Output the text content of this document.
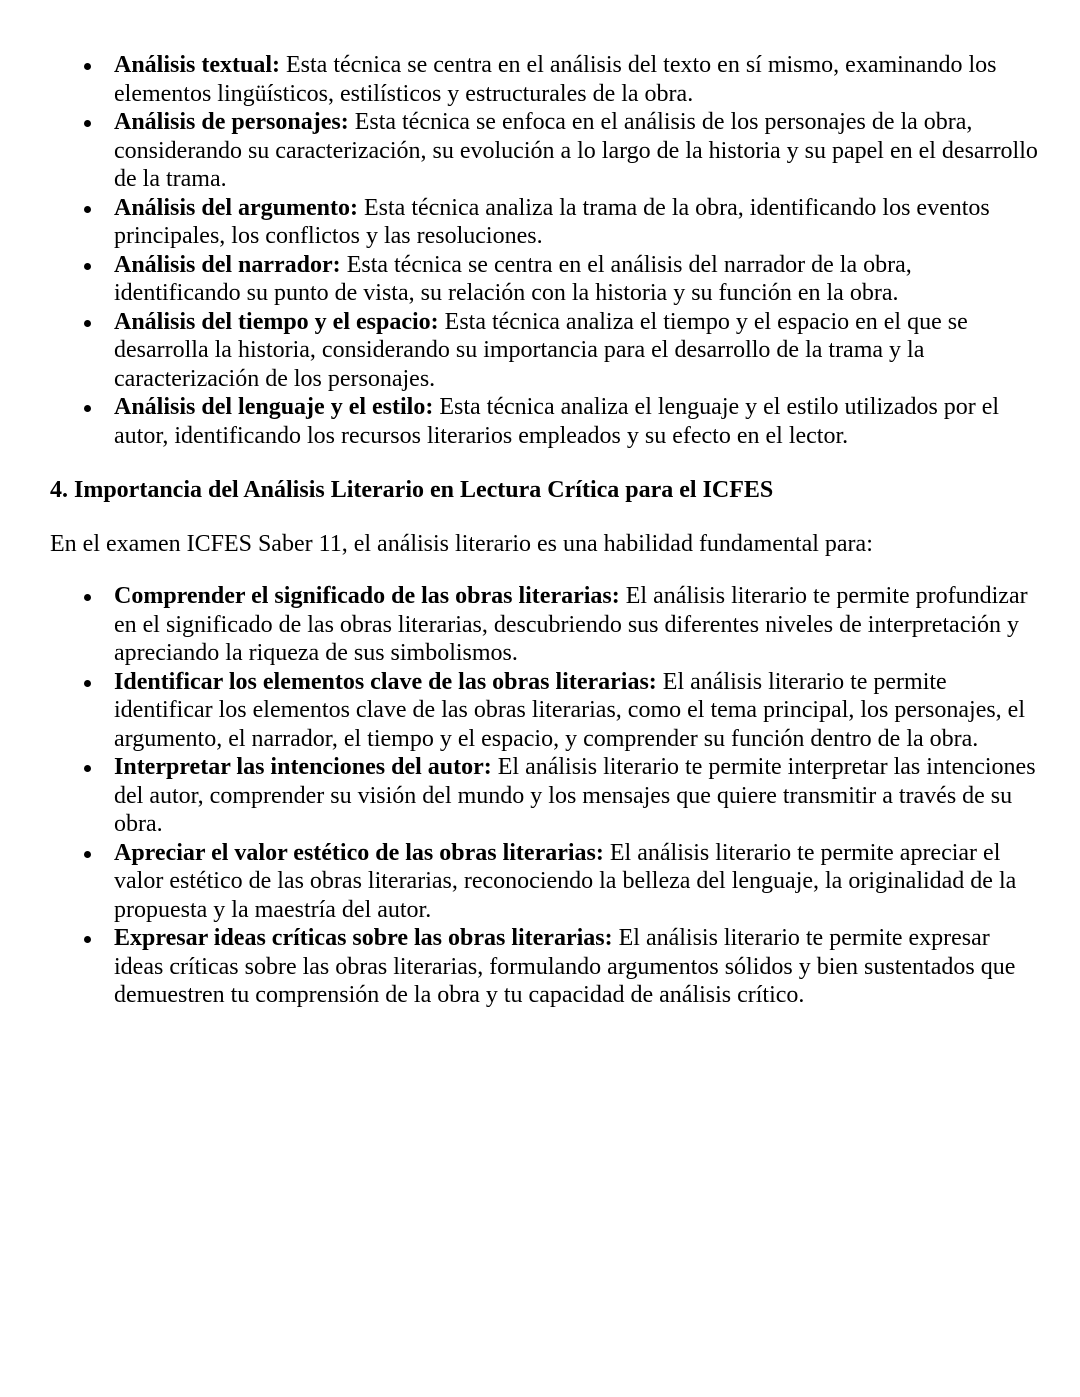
Análisis textual: Esta técnica se centra en el análisis del texto en sí mismo, examinando los elementos lingüísticos, estilísticos y estructurales de la obra.
Análisis de personajes: Esta técnica se enfoca en el análisis de los personajes de la obra, considerando su caracterización, su evolución a lo largo de la historia y su papel en el desarrollo de la trama.
Análisis del argumento: Esta técnica analiza la trama de la obra, identificando los eventos principales, los conflictos y las resoluciones.
Análisis del narrador: Esta técnica se centra en el análisis del narrador de la obra, identificando su punto de vista, su relación con la historia y su función en la obra.
Análisis del tiempo y el espacio: Esta técnica analiza el tiempo y el espacio en el que se desarrolla la historia, considerando su importancia para el desarrollo de la trama y la caracterización de los personajes.
Análisis del lenguaje y el estilo: Esta técnica analiza el lenguaje y el estilo utilizados por el autor, identificando los recursos literarios empleados y su efecto en el lector.
4. Importancia del Análisis Literario en Lectura Crítica para el ICFES

En el examen ICFES Saber 11, el análisis literario es una habilidad fundamental para:

Comprender el significado de las obras literarias: El análisis literario te permite profundizar en el significado de las obras literarias, descubriendo sus diferentes niveles de interpretación y apreciando la riqueza de sus simbolismos.
Identificar los elementos clave de las obras literarias: El análisis literario te permite identificar los elementos clave de las obras literarias, como el tema principal, los personajes, el argumento, el narrador, el tiempo y el espacio, y comprender su función dentro de la obra.
Interpretar las intenciones del autor: El análisis literario te permite interpretar las intenciones del autor, comprender su visión del mundo y los mensajes que quiere transmitir a través de su obra.
Apreciar el valor estético de las obras literarias: El análisis literario te permite apreciar el valor estético de las obras literarias, reconociendo la belleza del lenguaje, la originalidad de la propuesta y la maestría del autor.
Expresar ideas críticas sobre las obras literarias: El análisis literario te permite expresar ideas críticas sobre las obras literarias, formulando argumentos sólidos y bien sustentados que demuestren tu comprensión de la obra y tu capacidad de análisis crítico.
